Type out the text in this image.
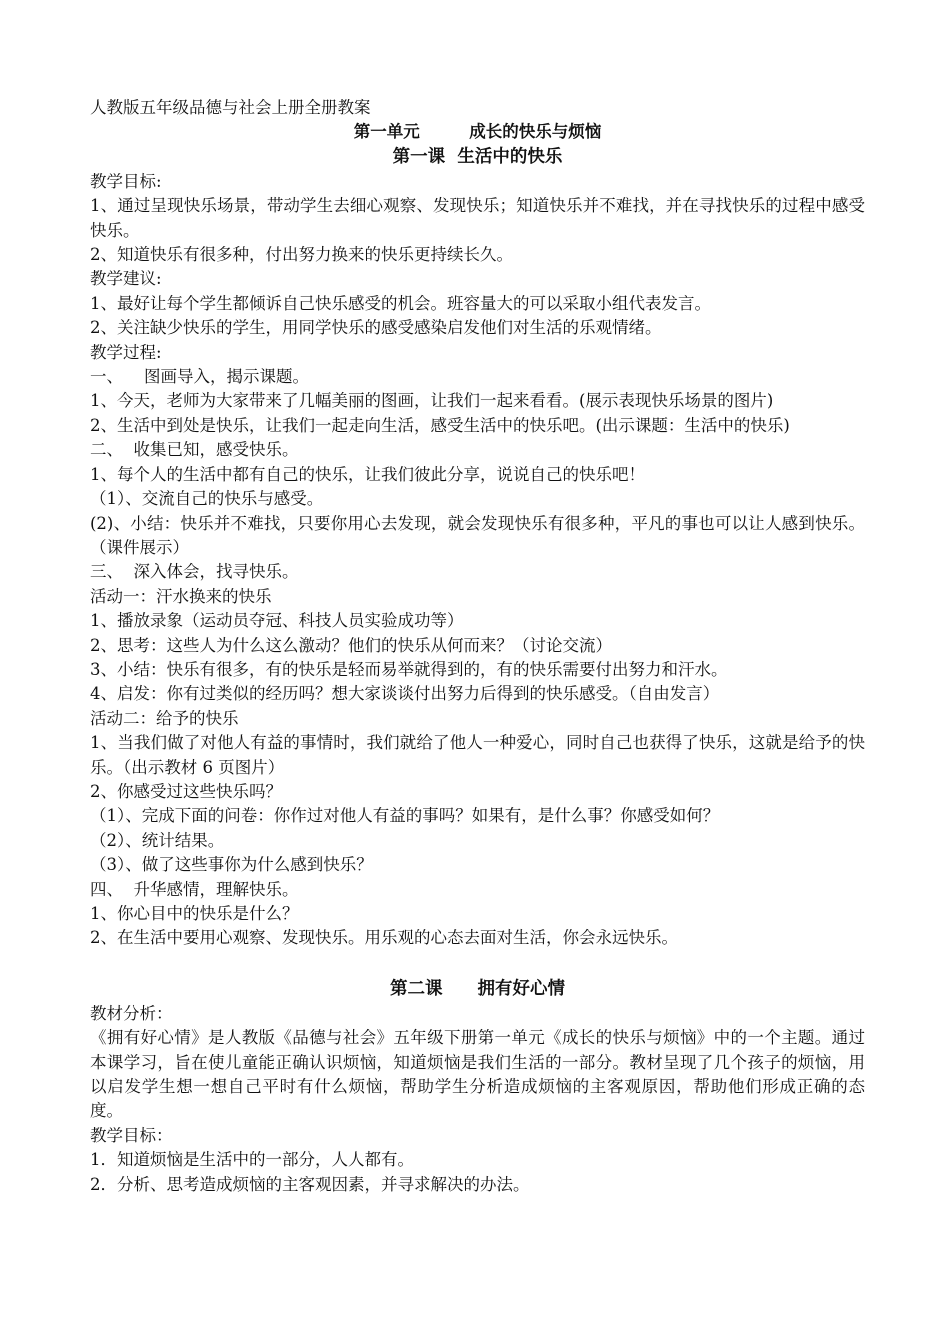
人教版五年级品德与社会上册全册教案

第一单元　　　成长的快乐与烦恼

第一课  生活中的快乐

教学目标:

1、通过呈现快乐场景，带动学生去细心观察、发现快乐；知道快乐并不难找，并在寻找快乐的过程中感受快乐。

2、知道快乐有很多种，付出努力换来的快乐更持续长久。

教学建议:

1、最好让每个学生都倾诉自己快乐感受的机会。班容量大的可以采取小组代表发言。

2、关注缺少快乐的学生，用同学快乐的感受感染启发他们对生活的乐观情绪。

教学过程:

一、    图画导入，揭示课题。

1、今天，老师为大家带来了几幅美丽的图画，让我们一起来看看。(展示表现快乐场景的图片)

2、生活中到处是快乐，让我们一起走向生活，感受生活中的快乐吧。(出示课题：生活中的快乐)

二、  收集已知，感受快乐。

1、每个人的生活中都有自己的快乐，让我们彼此分享，说说自己的快乐吧！

（1）、交流自己的快乐与感受。

(2)、小结：快乐并不难找，只要你用心去发现，就会发现快乐有很多种，平凡的事也可以让人感到快乐。（课件展示）

三、  深入体会，找寻快乐。

活动一：汗水换来的快乐

1、播放录象（运动员夺冠、科技人员实验成功等）

2、思考：这些人为什么这么激动？他们的快乐从何而来？（讨论交流）

3、小结：快乐有很多，有的快乐是轻而易举就得到的，有的快乐需要付出努力和汗水。

4、启发：你有过类似的经历吗？想大家谈谈付出努力后得到的快乐感受。（自由发言）

活动二：给予的快乐

1、当我们做了对他人有益的事情时，我们就给了他人一种爱心，同时自己也获得了快乐，这就是给予的快乐。（出示教材 6 页图片）

2、你感受过这些快乐吗？

（1）、完成下面的问卷：你作过对他人有益的事吗？如果有，是什么事？你感受如何？

（2）、统计结果。

（3）、做了这些事你为什么感到快乐？

四、  升华感情，理解快乐。

1、你心目中的快乐是什么？

2、在生活中要用心观察、发现快乐。用乐观的心态去面对生活，你会永远快乐。

第二课　　拥有好心情

教材分析：

《拥有好心情》是人教版《品德与社会》五年级下册第一单元《成长的快乐与烦恼》中的一个主题。通过本课学习，旨在使儿童能正确认识烦恼，知道烦恼是我们生活的一部分。教材呈现了几个孩子的烦恼，用以启发学生想一想自己平时有什么烦恼，帮助学生分析造成烦恼的主客观原因，帮助他们形成正确的态度。

教学目标：

1．知道烦恼是生活中的一部分，人人都有。

2．分析、思考造成烦恼的主客观因素，并寻求解决的办法。
